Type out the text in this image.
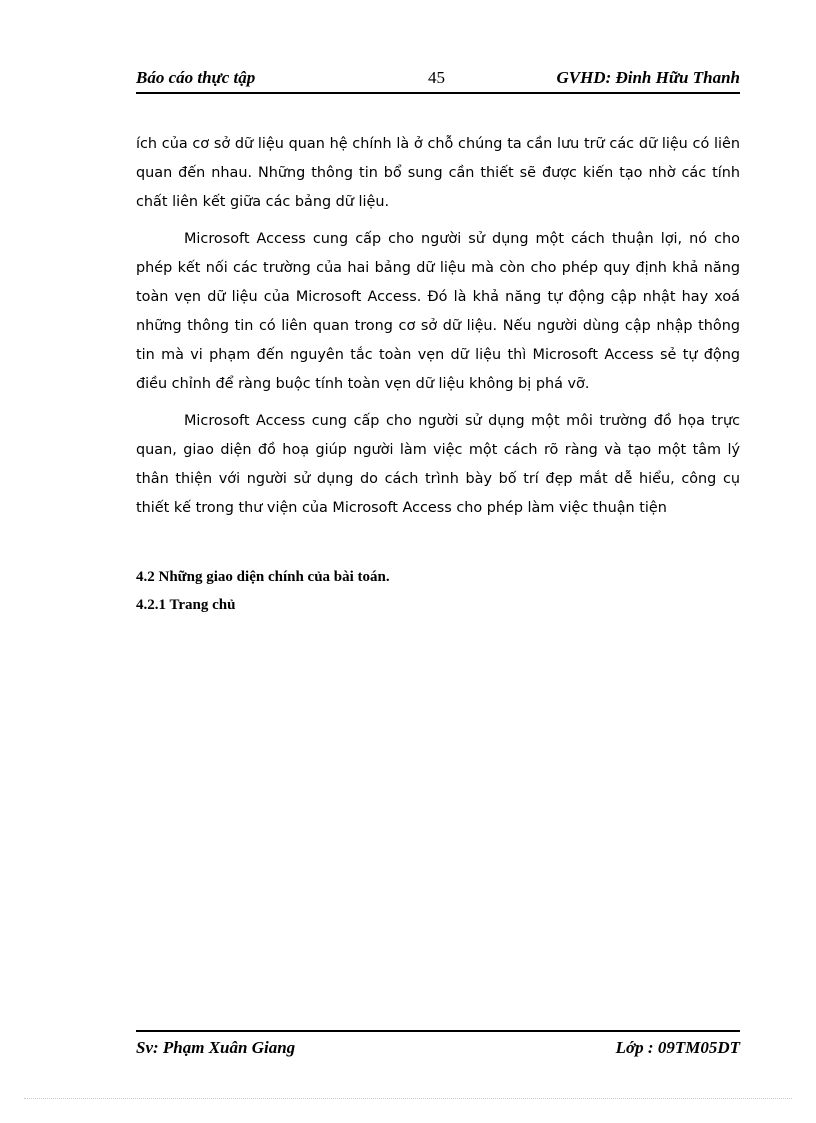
Báo cáo thực tập	45	GVHD: Đinh Hữu Thanh

ích của cơ sở dữ liệu quan hệ chính là ở chỗ chúng ta cần lưu trữ các dữ liệu có liên quan đến nhau. Những thông tin bổ sung cần thiết sẽ được kiến tạo nhờ các tính chất liên kết giữa các bảng dữ liệu.

Microsoft Access cung cấp cho người sử dụng một cách thuận lợi, nó cho phép kết nối các trường của hai bảng dữ liệu mà còn cho phép quy định khả năng toàn vẹn dữ liệu của Microsoft Access. Đó là khả năng tự động cập nhật hay xoá những thông tin có liên quan trong cơ sở dữ liệu. Nếu người dùng cập nhập thông tin mà vi phạm đến nguyên tắc toàn vẹn dữ liệu thì Microsoft Access sẻ tự động điều chỉnh để ràng buộc tính toàn vẹn dữ liệu không bị phá vỡ.

Microsoft Access cung cấp cho người sử dụng một môi trường đồ họa trực quan, giao diện đồ hoạ giúp người làm việc một cách rõ ràng và tạo một tâm lý thân thiện với người sử dụng do cách trình bày bố trí đẹp mắt dễ hiểu, công cụ thiết kế trong thư viện của Microsoft Access cho phép làm việc thuận tiện

4.2 Những giao diện chính của bài toán.
4.2.1 Trang chủ
Sv: Phạm Xuân Giang	Lớp : 09TM05DT
